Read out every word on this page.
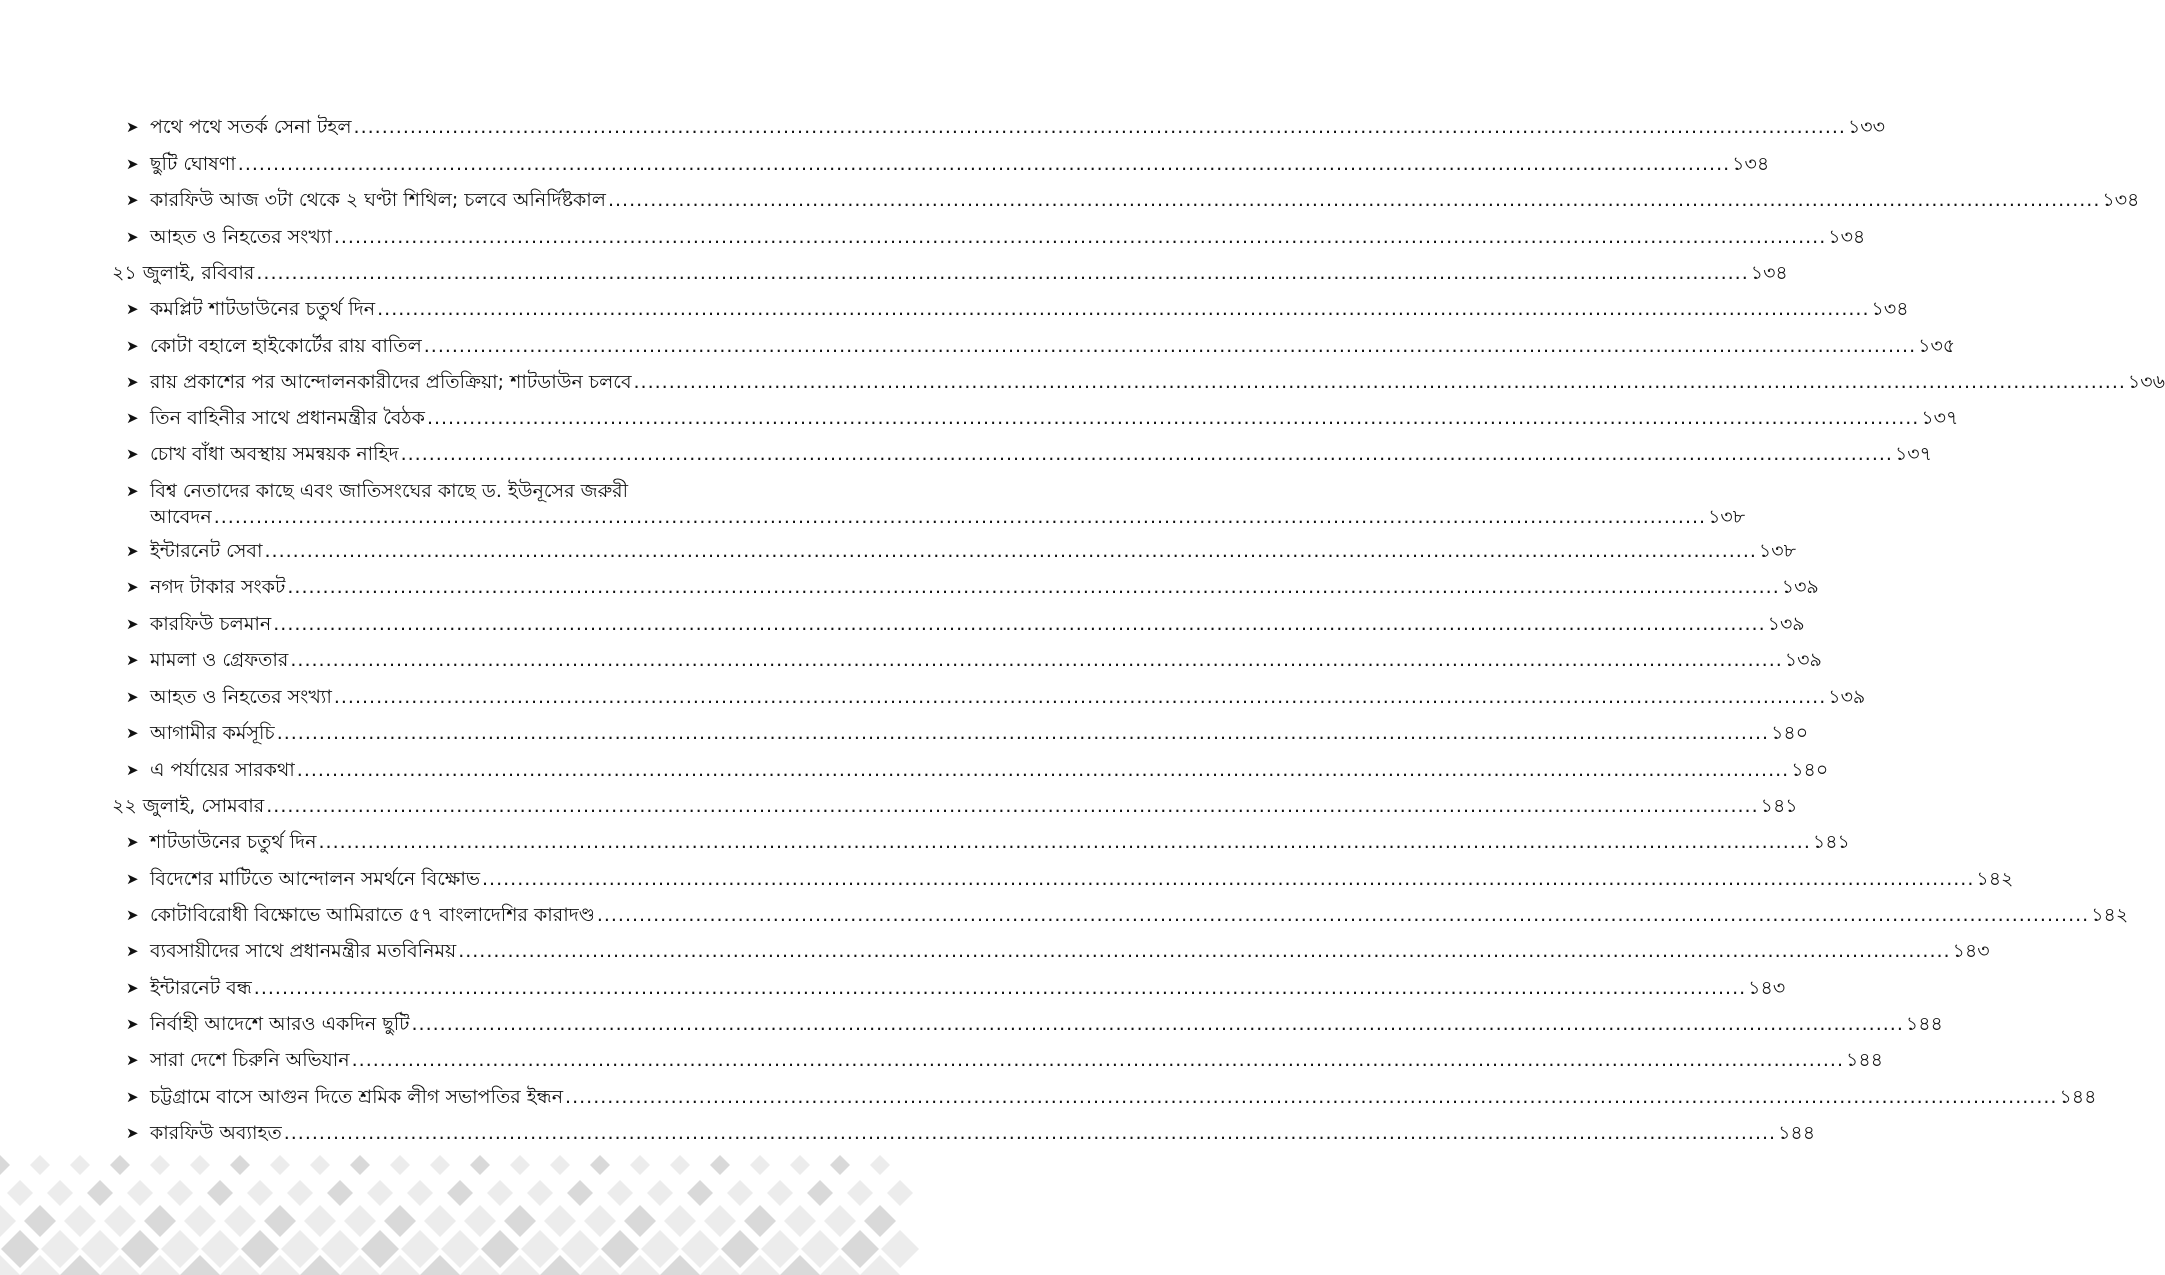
➤ পথে পথে সতর্ক সেনা টহল .....	১৩৩
➤ ছুটি ঘোষণা .....	১৩৪
➤ কারফিউ আজ ৩টা থেকে ২ ঘণ্টা শিথিল; চলবে অনির্দিষ্টকাল .....	১৩৪
➤ আহত ও নিহতের সংখ্যা .....	১৩৪
২১ জুলাই, রবিবার .....	১৩৪
➤ কমপ্লিট শাটডাউনের চতুর্থ দিন .....	১৩৪
➤ কোটা বহালে হাইকোর্টের রায় বাতিল .....	১৩৫
➤ রায় প্রকাশের পর আন্দোলনকারীদের প্রতিক্রিয়া; শাটডাউন চলবে .....	১৩৬
➤ তিন বাহিনীর সাথে প্রধানমন্ত্রীর বৈঠক .....	১৩৭
➤ চোখ বাঁধা অবস্থায় সমন্বয়ক নাহিদ .....	১৩৭
➤ বিশ্ব নেতাদের কাছে এবং জাতিসংঘের কাছে ড. ইউনূসের জরুরী
আবেদন .....	১৩৮
➤ ইন্টারনেট সেবা .....	১৩৮
➤ নগদ টাকার সংকট .....	১৩৯
➤ কারফিউ চলমান .....	১৩৯
➤ মামলা ও গ্রেফতার .....	১৩৯
➤ আহত ও নিহতের সংখ্যা .....	১৩৯
➤ আগামীর কর্মসূচি .....	১৪০
➤ এ পর্যায়ের সারকথা .....	১৪০
২২ জুলাই, সোমবার .....	১৪১
➤ শাটডাউনের চতুর্থ দিন .....	১৪১
➤ বিদেশের মাটিতে আন্দোলন সমর্থনে বিক্ষোভ .....	১৪২
➤ কোটাবিরোধী বিক্ষোভে আমিরাতে ৫৭ বাংলাদেশির কারাদণ্ড .....	১৪২
➤ ব্যবসায়ীদের সাথে প্রধানমন্ত্রীর মতবিনিময় .....	১৪৩
➤ ইন্টারনেট বন্ধ .....	১৪৩
➤ নির্বাহী আদেশে আরও একদিন ছুটি .....	১৪৪
➤ সারা দেশে চিরুনি অভিযান .....	১৪৪
➤ চট্টগ্রামে বাসে আগুন দিতে শ্রমিক লীগ সভাপতির ইন্ধন .....	১৪৪
➤ কারফিউ অব্যাহত .....	১৪৪
